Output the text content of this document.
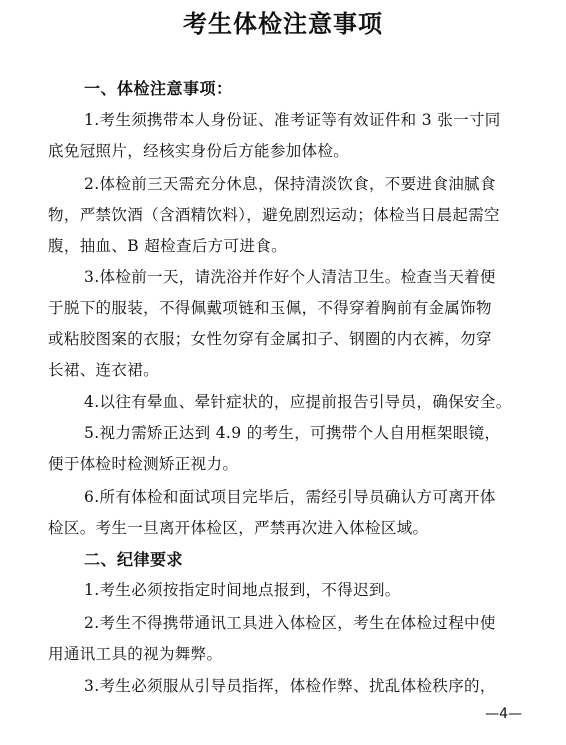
考生体检注意事项
一、体检注意事项：
1.考生须携带本人身份证、准考证等有效证件和 3 张一寸同
底免冠照片，经核实身份后方能参加体检。
2.体检前三天需充分休息，保持清淡饮食，不要进食油腻食
物，严禁饮酒（含酒精饮料），避免剧烈运动；体检当日晨起需空
腹，抽血、B 超检查后方可进食。
3.体检前一天，请洗浴并作好个人清洁卫生。检查当天着便
于脱下的服装，不得佩戴项链和玉佩，不得穿着胸前有金属饰物
或粘胶图案的衣服；女性勿穿有金属扣子、钢圈的内衣裤，勿穿
长裙、连衣裙。
4.以往有晕血、晕针症状的，应提前报告引导员，确保安全。
5.视力需矫正达到 4.9 的考生，可携带个人自用框架眼镜，
便于体检时检测矫正视力。
6.所有体检和面试项目完毕后，需经引导员确认方可离开体
检区。考生一旦离开体检区，严禁再次进入体检区域。
二、纪律要求
1.考生必须按指定时间地点报到，不得迟到。
2.考生不得携带通讯工具进入体检区，考生在体检过程中使
用通讯工具的视为舞弊。
3.考生必须服从引导员指挥，体检作弊、扰乱体检秩序的，
—4—
